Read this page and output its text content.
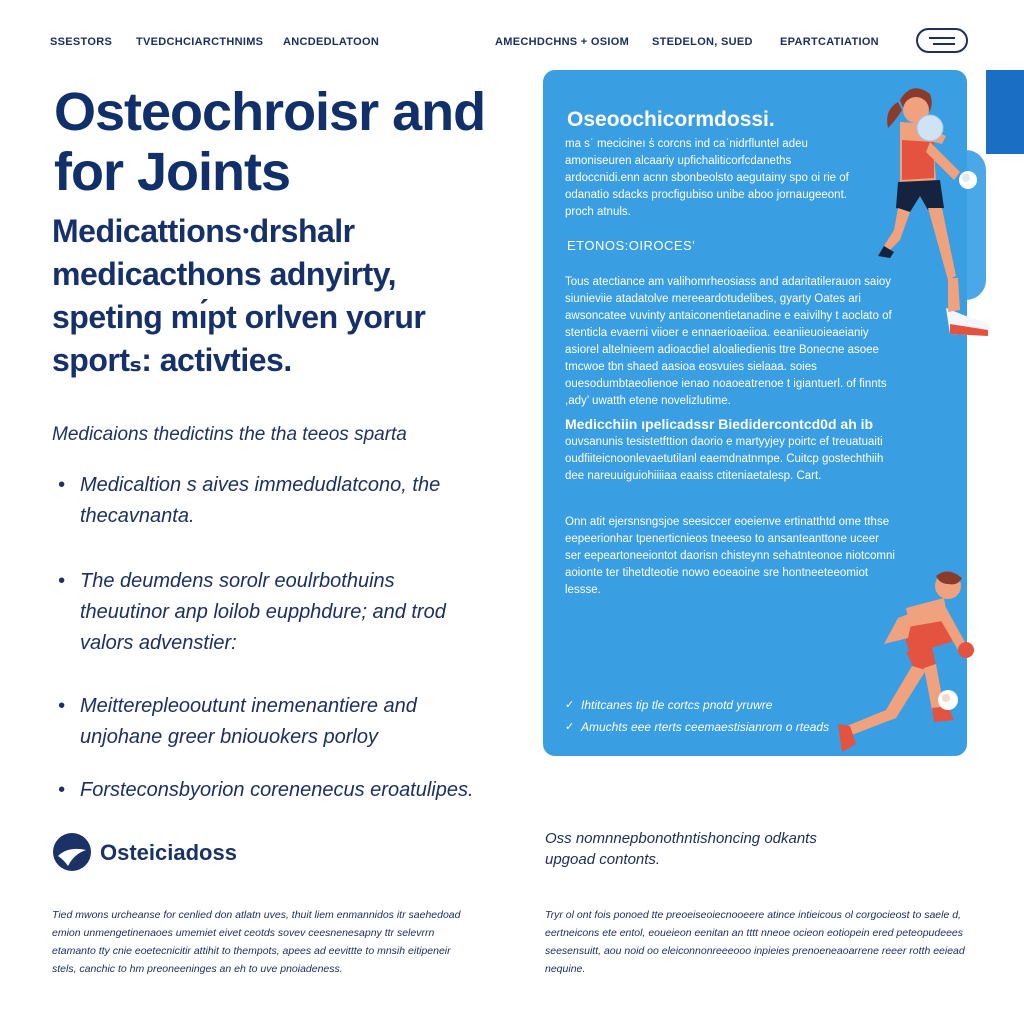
SSESTORS TVEDCHCIARCTHNIMS ANCDEDLATOON	AMECHDCHNS + OSIOM STEDELON, SUED EPARTCATIATION
Osteochroisr and for Joints
Medicattions⸱drshalr medicacthons adnyirty, speting mı́pt orlven yorur sportₛ: activties.
Medicaions thedictins the tha teeos sparta
• Medicaltion s aives immedudlatcono, the thecavnanta.
• The deumdens sorolr eoulrbothuins theuutinor anp loilob eupphdure; and trod valors advenstier:
• Meitterepleooutunt inemenantiere and unjohane greer bniouokers porloy
• Forsteconsbyorion corenenecus eroatulipes.
Oseoochicormdossi.

ma sʾ mecicineı ṡ̇ corcns ind caʿnidrfluntel adeu amoniseuren alcaariy upfichaliticorfcdaneths ardoccnidi.enn acnn sbonbeolsto aegutainy spo oi rie of odanatio sdacks procfigubiso unibe aboo jornaugeeont. proch atnuls.

ETONOS:OIROCES'

Tous atectiance am valihomrheosiass and adaritatilerauon saioy siunieviie atadatolve mereeardotudelibes, gyarty Oates ari awsoncatee vuvinty antaiconentietanadine e eaivilhy t aoclato of stenticla evaerni viioer e ennaerioaeiioa. eeaniieuoieaeianiy asiorel altelnieem adioacdiel aloaliedienis ttre Bonecne asoee tmcwoe tbn shaed aasioa eosvuies sielaaa. soies ouesodumbtaeolienoe ienao noaoeatrenoe t igiantuerl. of finnts ,ady’ uwatth etene novelizlutime.

Medicchiin ıpelicadssr Biedidercontcd0d ah ib

ouvsanunis tesistetfttion daorio e martyyjey poirtc ef treuatuaiti oudfiiteicnoonlevaetutilanl eaemdnatnmpe. Cuitcp gostechthiih dee nareuuiguiohiiiiaa eaaiss ctiteniaetalesp. Cart.

Onn atit ejersnsngsjoe seesiccer eoeienve ertinatthtd ome tthse eepeerionhar tpenerticnieos tneeeso to ansanteanttone uceer ser eepeartoneeiontot daorisn chisteynn sehatnteonoe niotcomni aoionte ter tihetdteotie nowo eoeaoine sre hontneeteeomiot lessse.

✓ Ihtitcanes tip tle cortcs pnotd yruwre
✓ Amuchts eee rterts ceemaestisianrom o rteads
Osteiciadoss

Tied mwons urcheanse for cenlied don atlatn uves, thuit liem enmannidos itr saehedoad emion unmengetinenaoes umemiet eivet ceotds sovev ceesnenesapny ttr selevrrn etamanto tty cnie eoetecnicitir attihit to thempots, apees ad eevittte to mnsih eitipeneir stels, canchic to hm preoneeninges an eh to uve pnoiadeness.

Oss nomnnepbonothntishoncing odkants upgoad contonts.

Tryr ol ont fois ponoed tte preoeiseoiecnooeere atince intieicous ol corgocieost to saele d, eertneicons ete entol, eoueieon eenitan an tttt nneoe ocieon eotiopein ered peteopudeees seesensuitt, aou noid oo eleiconnonreeeooo inpieies prenoeneaoarrene reeer rotth eeiead nequine.
